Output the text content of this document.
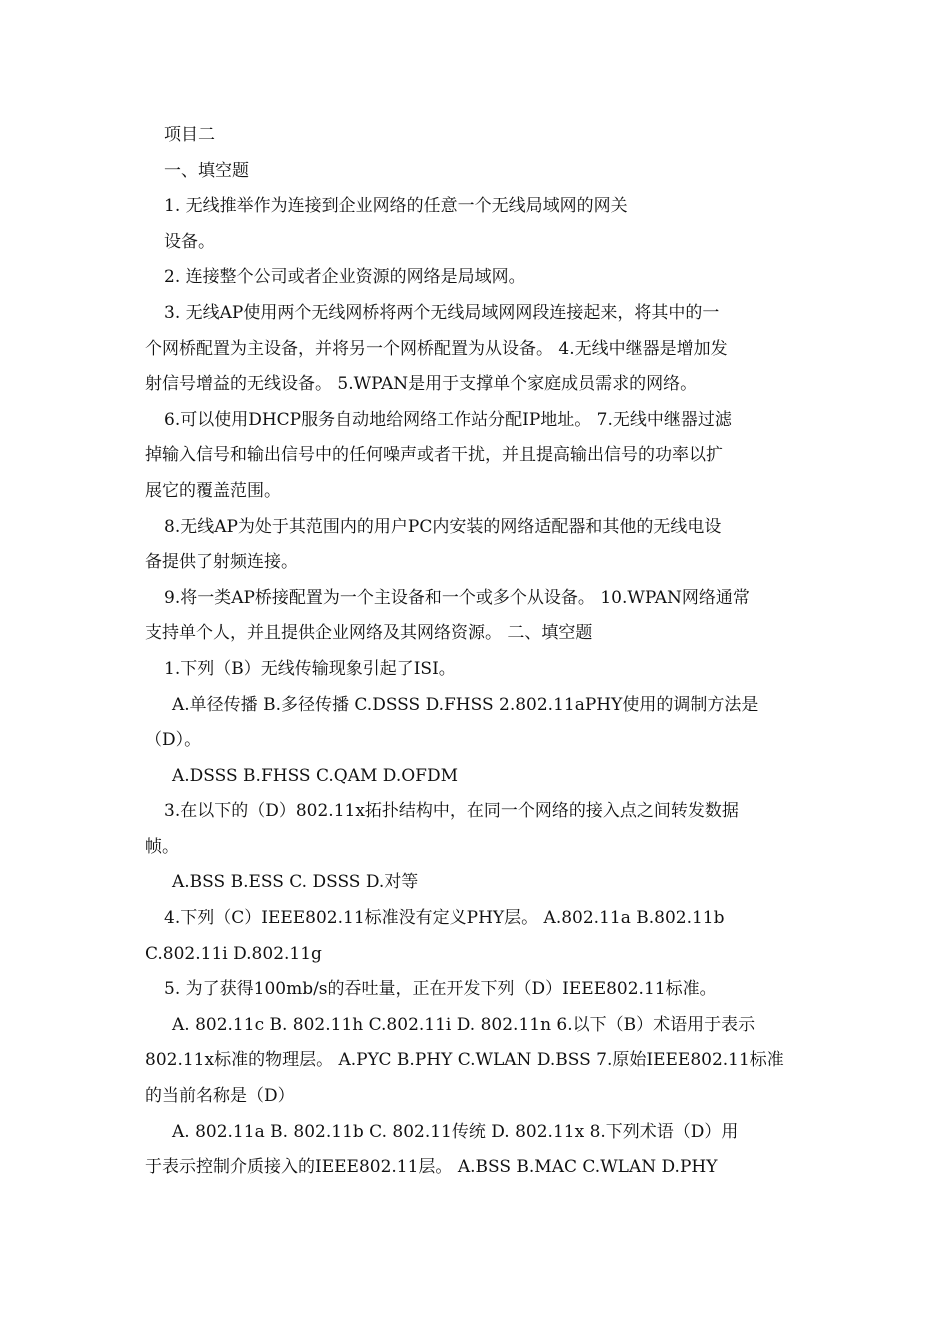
项目二
一、填空题
1. 无线推举作为连接到企业网络的任意一个无线局域网的网关
设备。
2. 连接整个公司或者企业资源的网络是局域网。
3. 无线AP使用两个无线网桥将两个无线局域网网段连接起来，将其中的一
个网桥配置为主设备，并将另一个网桥配置为从设备。 4.无线中继器是增加发
射信号增益的无线设备。 5.WPAN是用于支撑单个家庭成员需求的网络。
6.可以使用DHCP服务自动地给网络工作站分配IP地址。 7.无线中继器过滤
掉输入信号和输出信号中的任何噪声或者干扰，并且提高输出信号的功率以扩
展它的覆盖范围。
8.无线AP为处于其范围内的用户PC内安装的网络适配器和其他的无线电设
备提供了射频连接。
9.将一类AP桥接配置为一个主设备和一个或多个从设备。 10.WPAN网络通常
支持单个人，并且提供企业网络及其网络资源。 二、填空题
1.下列（B）无线传输现象引起了ISI。
A.单径传播 B.多径传播 C.DSSS D.FHSS 2.802.11aPHY使用的调制方法是
（D）。
A.DSSS B.FHSS C.QAM D.OFDM
3.在以下的（D）802.11x拓扑结构中，在同一个网络的接入点之间转发数据
帧。
A.BSS B.ESS C. DSSS D.对等
4.下列（C）IEEE802.11标准没有定义PHY层。 A.802.11a B.802.11b
C.802.11i D.802.11g
5. 为了获得100mb/s的吞吐量，正在开发下列（D）IEEE802.11标准。
A. 802.11c B. 802.11h C.802.11i D. 802.11n 6.以下（B）术语用于表示
802.11x标准的物理层。 A.PYC B.PHY C.WLAN D.BSS 7.原始IEEE802.11标准
的当前名称是（D）
A. 802.11a B. 802.11b C. 802.11传统 D. 802.11x 8.下列术语（D）用
于表示控制介质接入的IEEE802.11层。 A.BSS B.MAC C.WLAN D.PHY
